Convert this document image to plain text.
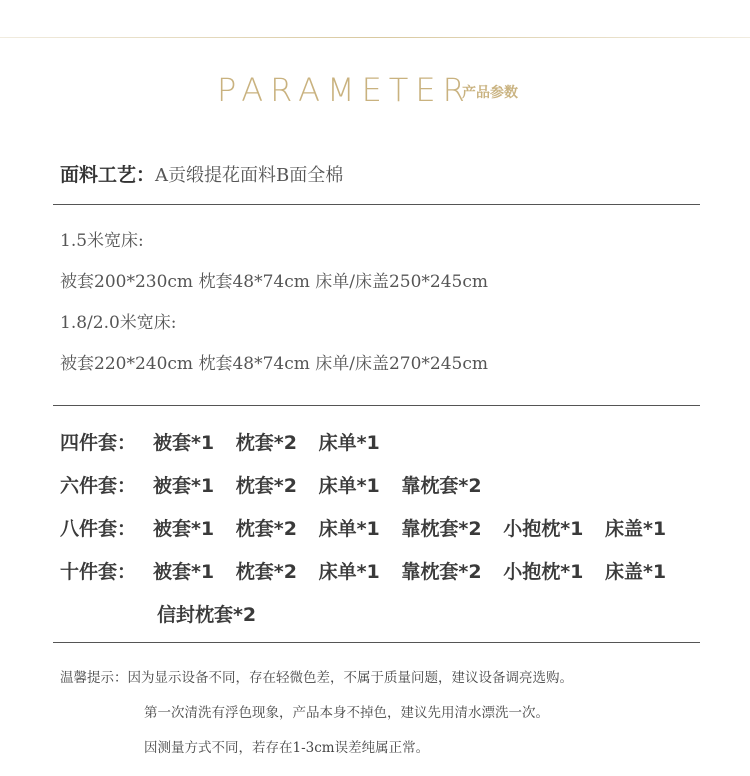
PARAMETER
产品参数
面料工艺：A贡缎提花面料B面全棉
1.5米宽床:
被套200*230cm 枕套48*74cm 床单/床盖250*245cm
1.8/2.0米宽床:
被套220*240cm 枕套48*74cm 床单/床盖270*245cm
四件套： 被套*1 枕套*2 床单*1
六件套： 被套*1 枕套*2 床单*1 靠枕套*2
八件套： 被套*1 枕套*2 床单*1 靠枕套*2 小抱枕*1 床盖*1
十件套： 被套*1 枕套*2 床单*1 靠枕套*2 小抱枕*1 床盖*1
信封枕套*2
温馨提示：因为显示设备不同，存在轻微色差，不属于质量问题，建议设备调亮选购。
第一次清洗有浮色现象，产品本身不掉色，建议先用清水漂洗一次。
因测量方式不同，若存在1-3cm误差纯属正常。
